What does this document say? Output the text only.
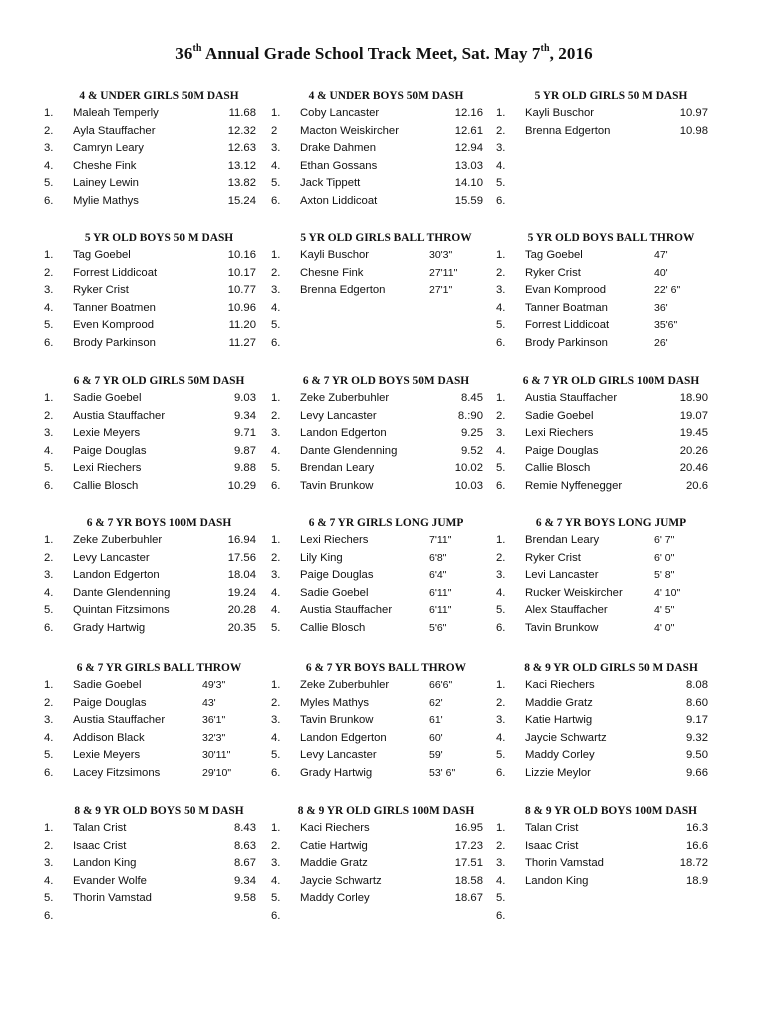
36th Annual Grade School Track Meet, Sat. May 7th, 2016
4 & UNDER GIRLS 50M DASH
1. Maleah Temperly	11.68
2. Ayla Stauffacher	12.32
3. Camryn Leary	12.63
4. Cheshe Fink	13.12
5. Lainey Lewin	13.82
6. Mylie Mathys	15.24
4 & UNDER BOYS 50M DASH
1. Coby Lancaster	12.16
2 Macton Weiskircher	12.61
3. Drake Dahmen	12.94
4. Ethan Gossans	13.03
5. Jack Tippett	14.10
6. Axton Liddicoat	15.59
5 YR OLD GIRLS 50 M DASH
1. Kayli Buschor	10.97
2. Brenna Edgerton	10.98
3.
4.
5.
6.
5 YR OLD BOYS 50 M DASH
1. Tag Goebel	10.16
2. Forrest Liddicoat	10.17
3. Ryker Crist	10.77
4. Tanner Boatmen	10.96
5. Even Komprood	11.20
6. Brody Parkinson	11.27
5 YR OLD GIRLS BALL THROW
1. Kayli Buschor	30'3"
2. Chesne Fink	27'11"
3. Brenna Edgerton	27'1"
4.
5.
6.
5 YR OLD BOYS BALL THROW
1. Tag Goebel	47'
2. Ryker Crist	40'
3. Evan Komprood	22' 6"
4. Tanner Boatman	36'
5. Forrest Liddicoat	35'6"
6. Brody Parkinson	26'
6 & 7 YR OLD GIRLS 50M DASH
1. Sadie Goebel	9.03
2. Austia Stauffacher	9.34
3. Lexie Meyers	9.71
4. Paige Douglas	9.87
5. Lexi Riechers	9.88
6. Callie Blosch	10.29
6 & 7 YR OLD BOYS 50M DASH
1. Zeke Zuberbuhler	8.45
2. Levy Lancaster	8.:90
3. Landon Edgerton	9.25
4. Dante Glendenning	9.52
5. Brendan Leary	10.02
6. Tavin Brunkow	10.03
6 & 7 YR OLD GIRLS 100M DASH
1. Austia Stauffacher	18.90
2. Sadie Goebel	19.07
3. Lexi Riechers	19.45
4. Paige Douglas	20.26
5. Callie Blosch	20.46
6. Remie Nyffenegger	20.6
6 & 7 YR BOYS 100M DASH
1. Zeke Zuberbuhler	16.94
2. Levy Lancaster	17.56
3. Landon Edgerton	18.04
4. Dante Glendenning	19.24
5. Quintan Fitzsimons	20.28
6. Grady Hartwig	20.35
6 & 7 YR GIRLS LONG JUMP
1. Lexi Riechers	7'11"
2. Lily King	6'8"
3. Paige Douglas	6'4"
4. Sadie Goebel	6'11"
4. Austia Stauffacher	6'11"
5. Callie Blosch	5'6"
6 & 7 YR BOYS LONG JUMP
1. Brendan Leary	6' 7"
2. Ryker Crist	6' 0"
3. Levi Lancaster	5' 8"
4. Rucker Weiskircher	4' 10"
5. Alex Stauffacher	4' 5"
6. Tavin Brunkow	4' 0"
6 & 7 YR GIRLS BALL THROW
1. Sadie Goebel	49'3"
2. Paige Douglas	43'
3. Austia Stauffacher	36'1"
4. Addison Black	32'3"
5. Lexie Meyers	30'11"
6. Lacey Fitzsimons	29'10"
6 & 7 YR BOYS BALL THROW
1. Zeke Zuberbuhler	66'6"
2. Myles Mathys	62'
3. Tavin Brunkow	61'
4. Landon Edgerton	60'
5. Levy Lancaster	59'
6. Grady Hartwig	53' 6"
8 & 9 YR OLD GIRLS 50 M DASH
1. Kaci Riechers	8.08
2. Maddie Gratz	8.60
3. Katie Hartwig	9.17
4. Jaycie Schwartz	9.32
5. Maddy Corley	9.50
6. Lizzie Meylor	9.66
8 & 9 YR OLD BOYS 50 M DASH
1. Talan Crist	8.43
2. Isaac Crist	8.63
3. Landon King	8.67
4. Evander Wolfe	9.34
5. Thorin Vamstad	9.58
6.
8 & 9 YR OLD GIRLS 100M DASH
1. Kaci Riechers	16.95
2. Catie Hartwig	17.23
3. Maddie Gratz	17.51
4. Jaycie Schwartz	18.58
5. Maddy Corley	18.67
6.
8 & 9 YR OLD BOYS 100M DASH
1. Talan Crist	16.3
2. Isaac Crist	16.6
3. Thorin Vamstad	18.72
4. Landon King	18.9
5.
6.
